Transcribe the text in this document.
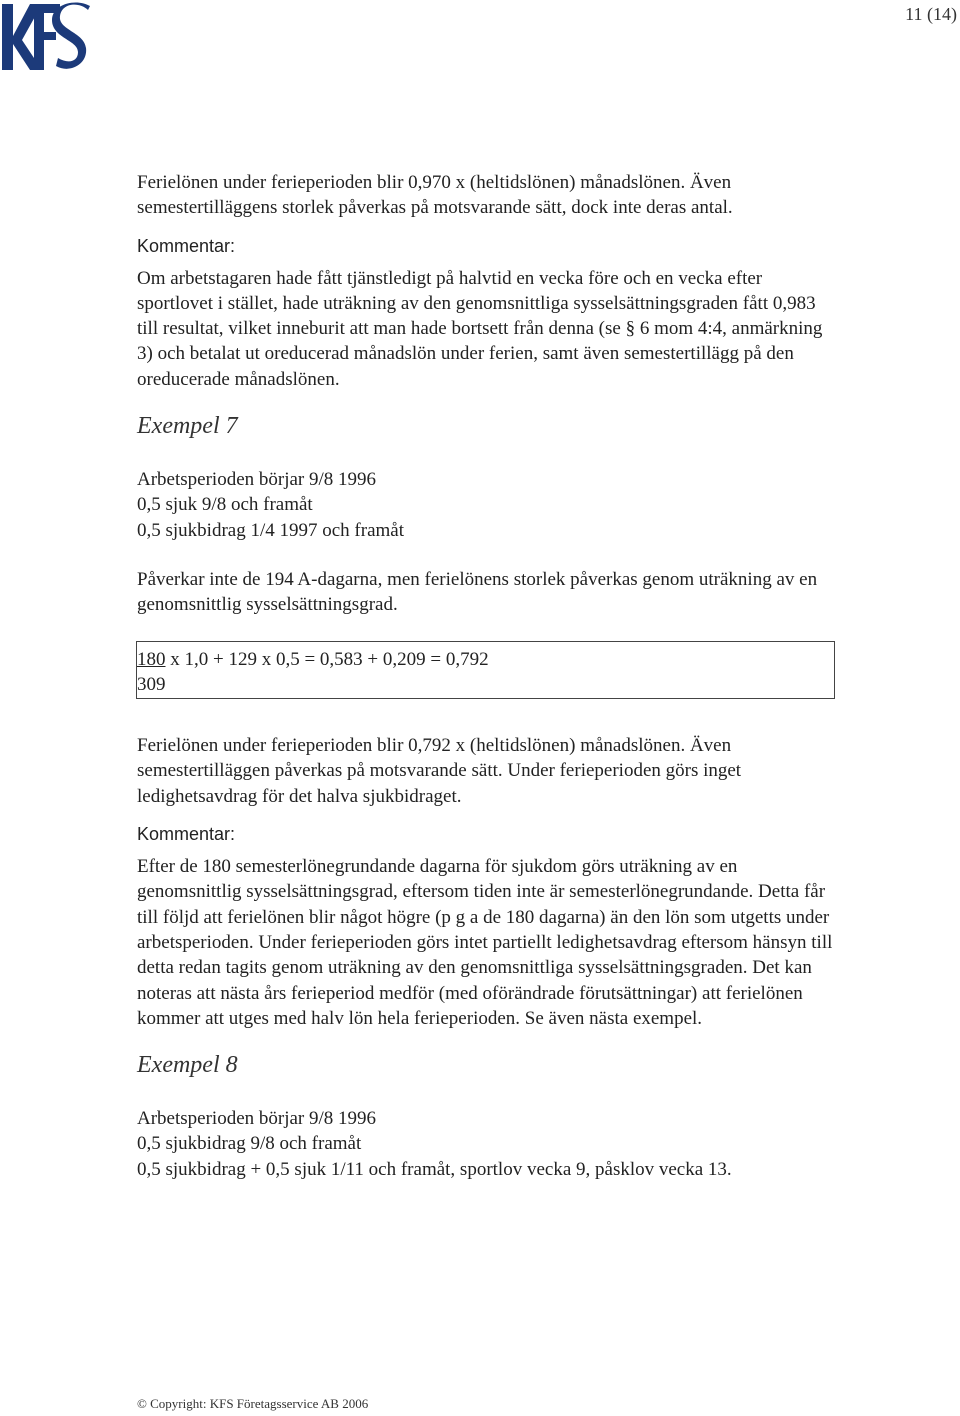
11 (14)

Ferielönen under ferieperioden blir 0,970 x (heltidslönen) månadslönen. Även semestertilläggens storlek påverkas på motsvarande sätt, dock inte deras antal.

Kommentar:

Om arbetstagaren hade fått tjänstledigt på halvtid en vecka före och en vecka efter sportlovet i stället, hade uträkning av den genomsnittliga sysselsättningsgraden fått 0,983 till resultat, vilket inneburit att man hade bortsett från denna (se § 6 mom 4:4, anmärkning 3) och betalat ut oreducerad månadslön under ferien, samt även semestertillägg på den oreducerade månadslönen.

Exempel 7

Arbetsperioden börjar 9/8 1996

0,5 sjuk 9/8 och framåt

0,5 sjukbidrag 1/4 1997 och framåt

Påverkar inte de 194 A-dagarna, men ferielönens storlek påverkas genom uträkning av en genomsnittlig sysselsättningsgrad.

180 x 1,0 + 129 x 0,5 = 0,583 + 0,209 = 0,792

309

Ferielönen under ferieperioden blir 0,792 x (heltidslönen) månadslönen. Även semestertilläggen påverkas på motsvarande sätt. Under ferieperioden görs inget ledighetsavdrag för det halva sjukbidraget.

Kommentar:

Efter de 180 semesterlönegrundande dagarna för sjukdom görs uträkning av en genomsnittlig sysselsättningsgrad, eftersom tiden inte är semesterlönegrundande. Detta får till följd att ferielönen blir något högre (p g a de 180 dagarna) än den lön som utgetts under arbetsperioden. Under ferieperioden görs intet partiellt ledighetsavdrag eftersom hänsyn till detta redan tagits genom uträkning av den genomsnittliga sysselsättningsgraden. Det kan noteras att nästa års ferieperiod medför (med oförändrade förutsättningar) att ferielönen kommer att utges med halv lön hela ferieperioden. Se även nästa exempel.

Exempel 8

Arbetsperioden börjar 9/8 1996

0,5 sjukbidrag 9/8 och framåt

0,5 sjukbidrag + 0,5 sjuk 1/11 och framåt, sportlov vecka 9, påsklov vecka 13.

© Copyright: KFS Företagsservice AB 2006
